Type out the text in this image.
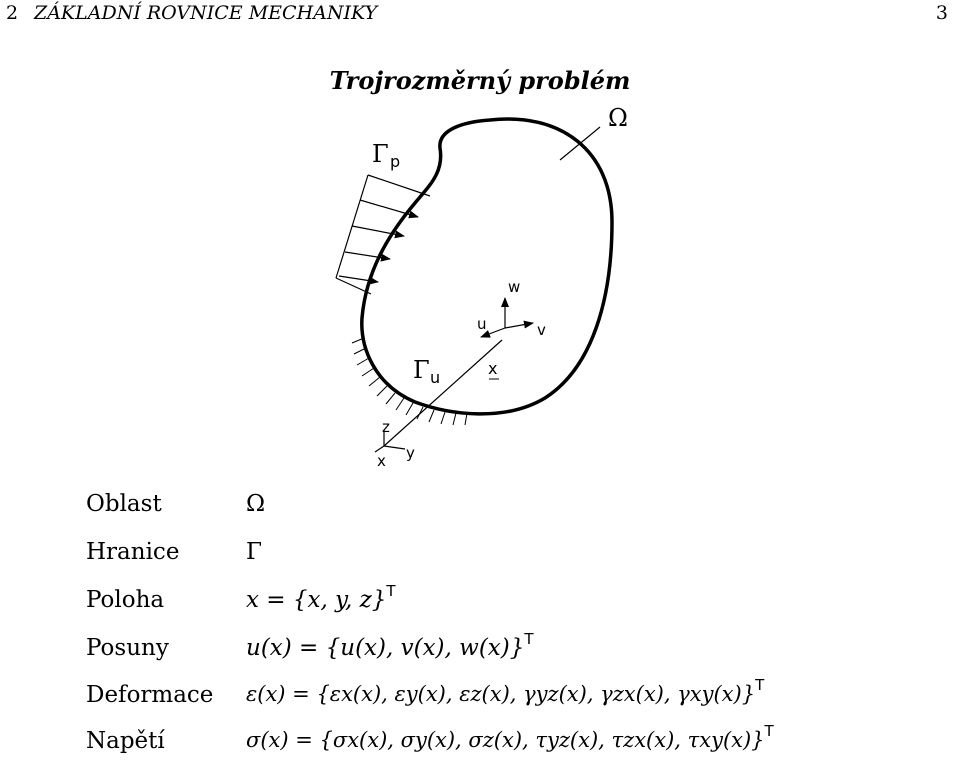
2 ZÁKLADNÍ ROVNICE MECHANIKY	3
Trojrozměrný problém
Ω
Γ p
Γ u
w
u	v
x
z
x y
Oblast	Ω
Hranice	Γ
Poloha	x = {x, y, z}$^T$
Posuny	u(x) = {u(x), v(x), w(x)}$^T$
Deformace ε(x) = {εx(x), εy(x), εz(x), γyz(x), γzx(x), γxy(x)}$^T$
Napětí	σ(x) = {σx(x), σy(x), σz(x), τyz(x), τzx(x), τxy(x)}$^T$
